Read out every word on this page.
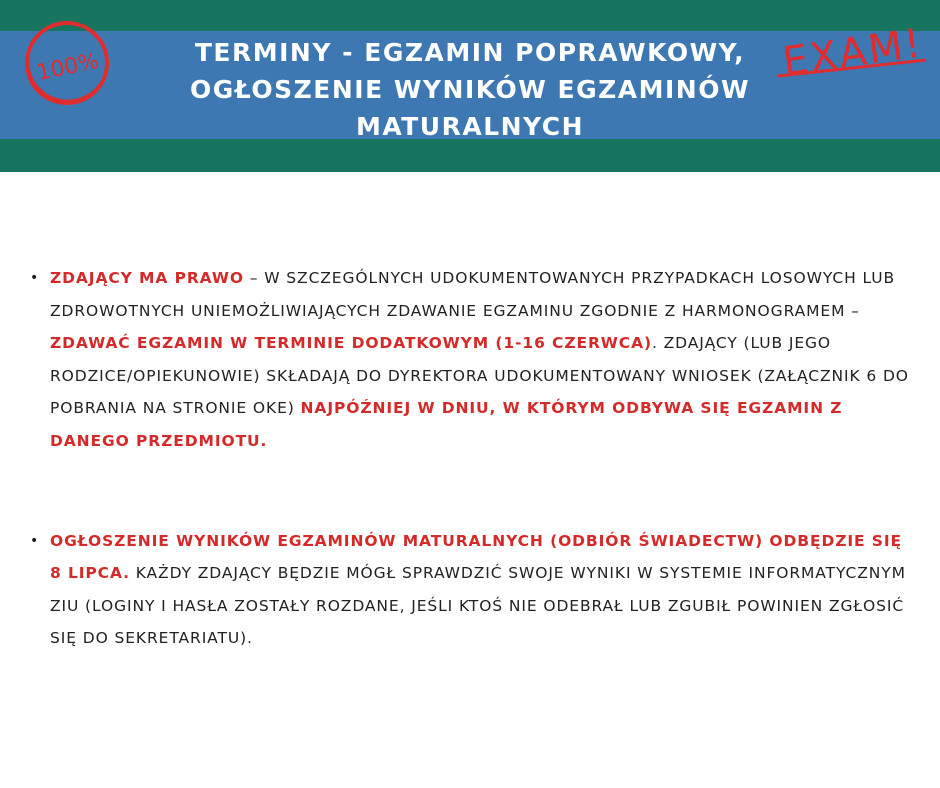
100%	TERMINY - EGZAMIN POPRAWKOWY, OGŁOSZENIE WYNIKÓW EGZAMINÓW MATURALNYCH
EXAM!
• ZDAJĄCY MA PRAWO – W SZCZEGÓLNYCH UDOKUMENTOWANYCH PRZYPADKACH LOSOWYCH LUB ZDROWOTNYCH UNIEMOŻLIWIAJĄCYCH ZDAWANIE EGZAMINU ZGODNIE Z HARMONOGRAMEM – ZDAWAĆ EGZAMIN W TERMINIE DODATKOWYM (1-16 CZERWCA). ZDAJĄCY (LUB JEGO RODZICE/OPIEKUNOWIE) SKŁADAJĄ DO DYREKTORA UDOKUMENTOWANY WNIOSEK (ZAŁĄCZNIK 6 DO POBRANIA NA STRONIE OKE) NAJPÓŹNIEJ W DNIU, W KTÓRYM ODBYWA SIĘ EGZAMIN Z DANEGO PRZEDMIOTU.
• OGŁOSZENIE WYNIKÓW EGZAMINÓW MATURALNYCH (ODBIÓR ŚWIADECTW) ODBĘDZIE SIĘ 8 LIPCA. KAŻDY ZDAJĄCY BĘDZIE MÓGŁ SPRAWDZIĆ SWOJE WYNIKI W SYSTEMIE INFORMATYCZNYM ZIU (LOGINY I HASŁA ZOSTAŁY ROZDANE, JEŚLI KTOŚ NIE ODEBRAŁ LUB ZGUBIŁ POWINIEN ZGŁOSIĆ SIĘ DO SEKRETARIATU).
